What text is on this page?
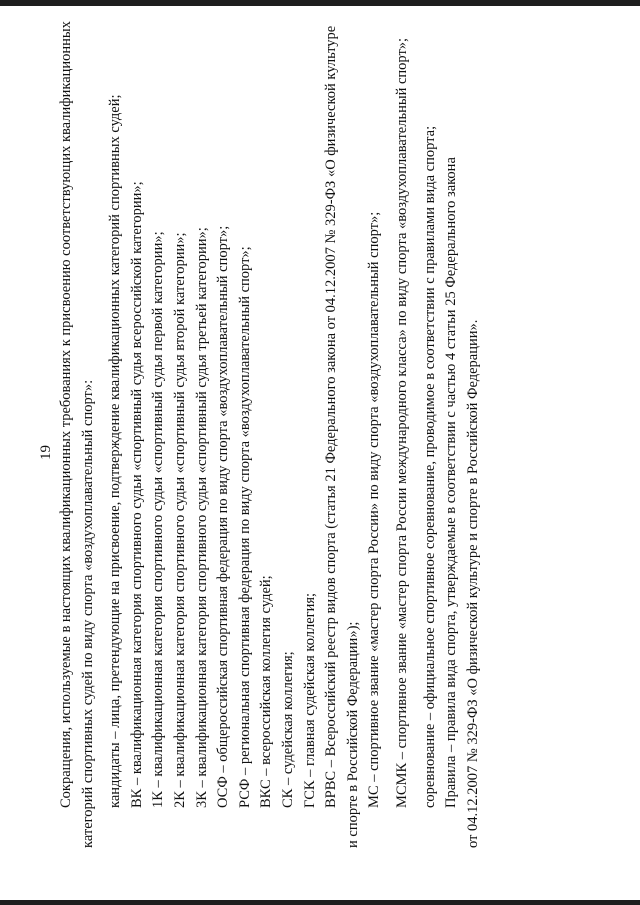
19 Сокращения, используемые в настоящих квалификационных требованиях к присвоению соответствующих квалификационных категорий спортивных судей по виду спорта «воздухоплавательный спорт»: кандидаты – лица, претендующие на присвоение, подтверждение квалификационных категорий спортивных судей; ВК – квалификационная категория спортивного судьи «спортивный судья всероссийской категории»; 1К – квалификационная категория спортивного судьи «спортивный судья первой категории»; 2К – квалификационная категория спортивного судьи «спортивный судья второй категории»; 3К – квалификационная категория спортивного судьи «спортивный судья третьей категории»; ОСФ – общероссийская спортивная федерация по виду спорта «воздухоплавательный спорт»; РСФ – региональная спортивная федерация по виду спорта «воздухоплавательный спорт»; ВКС – всероссийская коллегия судей; СК – судейская коллегия; ГСК – главная судейская коллегия; ВРВС – Всероссийский реестр видов спорта (статья 21 Федерального закона от 04.12.2007 № 329-ФЗ «О физической культуре и спорте в Российской Федерации»); МС – спортивное звание «мастер спорта России» по виду спорта «воздухоплавательный спорт»; МСМК – спортивное звание «мастер спорта России международного класса» по виду спорта «воздухоплавательный спорт»; соревнование – официальное спортивное соревнование, проводимое в соответствии с правилами вида спорта; Правила – правила вида спорта, утверждаемые в соответствии с частью 4 статьи 25 Федерального закона от 04.12.2007 № 329-ФЗ «О физической культуре и спорте в Российской Федерации».
